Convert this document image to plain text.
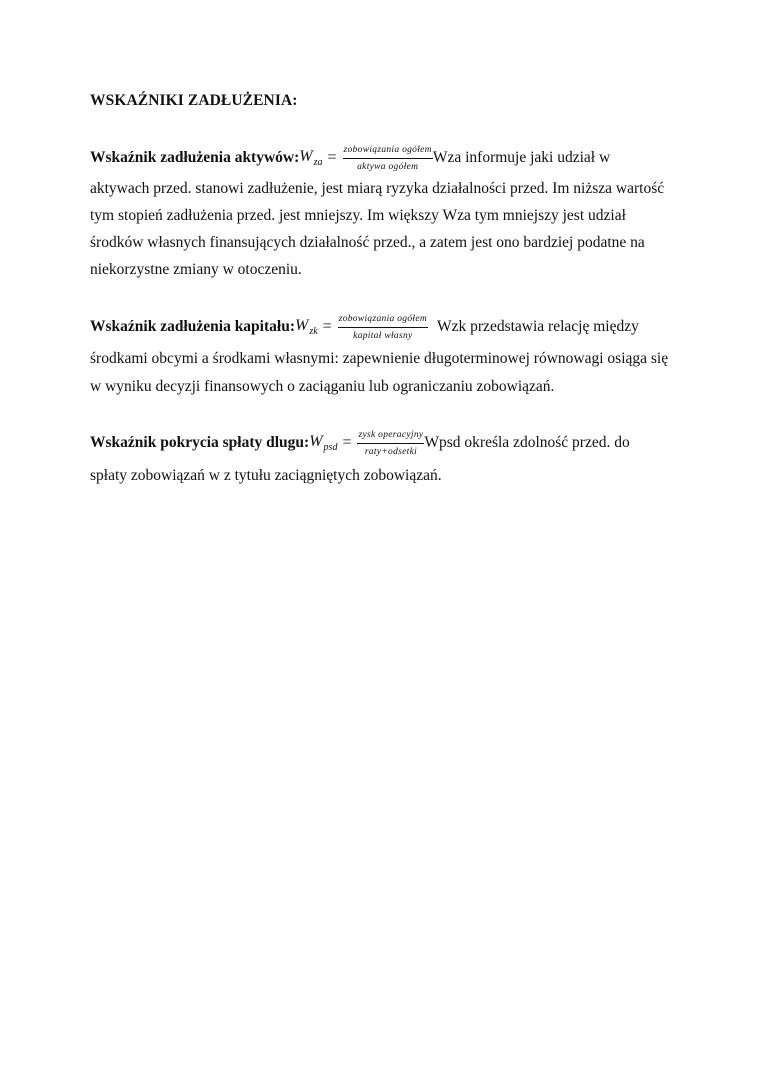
WSKAŹNIKI ZADŁUŻENIA:
Wskaźnik zadłużenia aktywów: $W_{za} = \frac{\text{zobowiązania ogółem}}{\text{aktywa ogółem}}$ Wza informuje jaki udział w
aktywach przed. stanowi zadłużenie, jest miarą ryzyka działalności przed. Im niższa wartość
tym stopień zadłużenia przed. jest mniejszy. Im większy Wza tym mniejszy jest udział
środków własnych finansujących działalność przed., a zatem jest ono bardziej podatne na
niekorzystne zmiany w otoczeniu.
Wskaźnik zadłużenia kapitału: $W_{zk} = \frac{\text{zobowiązania ogółem}}{\text{kapitał własny}}$ Wzk przedstawia relację między
środkami obcymi a środkami własnymi: zapewnienie długoterminowej równowagi osiąga się
w wyniku decyzji finansowych o zaciąganiu lub ograniczaniu zobowiązań.
Wskaźnik pokrycia spłaty dlugu: $W_{psd} = \frac{\text{zysk operacyjny}}{\text{raty+odsetki}}$ Wpsd określa zdolność przed. do
spłaty zobowiązań w z tytułu zaciągniętych zobowiązań.
